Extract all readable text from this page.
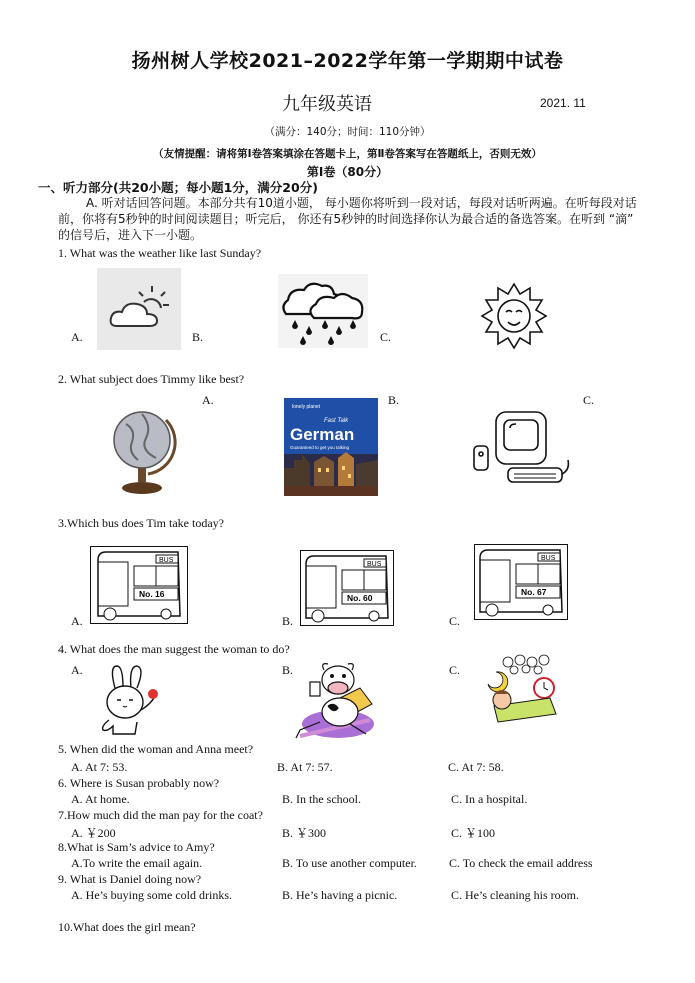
扬州树人学校2021–2022学年第一学期期中试卷
九年级英语	2021. 11
（满分：140分；时间：110分钟）
（友情提醒：请将第Ⅰ卷答案填涂在答题卡上，第Ⅱ卷答案写在答题纸上，否则无效）
第Ⅰ卷（80分）
一、听力部分(共20小题；每小题1分，满分20分)
A. 听对话回答问题。本部分共有10道小题， 每小题你将听到一段对话，每段对话听两遍。在听每段对话前，你将有5秒钟的时间阅读题目；听完后， 你还有5秒钟的时间选择你认为最合适的备选答案。在听到 “滴” 的信号后，进入下一小题。
1. What was the weather like last Sunday?
A.	B.	C.
2. What subject does Timmy like best?
A.	B.	C.
lonely planet
Fast Talk
German
Guaranteed to get you talking
3.Which bus does Tim take today?
A.	B.	C.
BUS
No. 16
BUS
No. 60
BUS
No. 67
4. What does the man suggest the woman to do?
A.	B.	C.
5. When did the woman and Anna meet?
A. At 7: 53.	B. At 7: 57.	C. At 7: 58.
6. Where is Susan probably now?
A. At home.	B. In the school.	C. In a hospital.
7.How much did the man pay for the coat?
A. ￥200	B. ￥300	C. ￥100
8.What is Sam’s advice to Amy?
A.To write the email again.	B. To use another computer.	C. To check the email address
9. What is Daniel doing now?
A. He’s buying some cold drinks.	B. He’s having a picnic.	C. He’s cleaning his room.
10.What does the girl mean?
